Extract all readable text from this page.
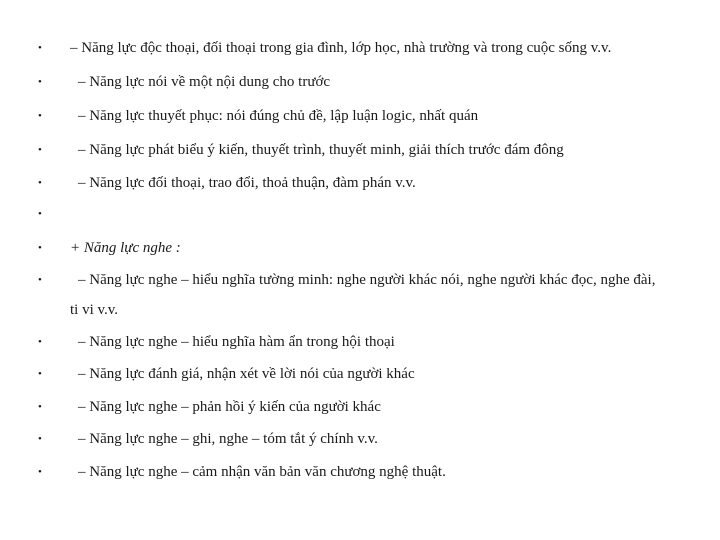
• – Năng lực độc thoại, đối thoại trong gia đình, lớp học, nhà trường và trong cuộc sống v.v.
• – Năng lực nói về một nội dung cho trước
• – Năng lực thuyết phục: nói đúng chủ đề, lập luận logic, nhất quán
• – Năng lực phát biểu ý kiến, thuyết trình, thuyết minh, giải thích trước đám đông
• – Năng lực đối thoại, trao đổi, thoả thuận, đàm phán v.v.
•
• + Năng lực nghe :
• – Năng lực nghe – hiểu nghĩa tường minh: nghe người khác nói, nghe người khác đọc, nghe đài,
ti vi v.v.
• – Năng lực nghe – hiểu nghĩa hàm ẩn trong hội thoại
• – Năng lực đánh giá, nhận xét về lời nói của người khác
• – Năng lực nghe – phản hồi ý kiến của người khác
• – Năng lực nghe – ghi, nghe – tóm tắt ý chính v.v.
• – Năng lực nghe – cảm nhận văn bản văn chương nghệ thuật.
